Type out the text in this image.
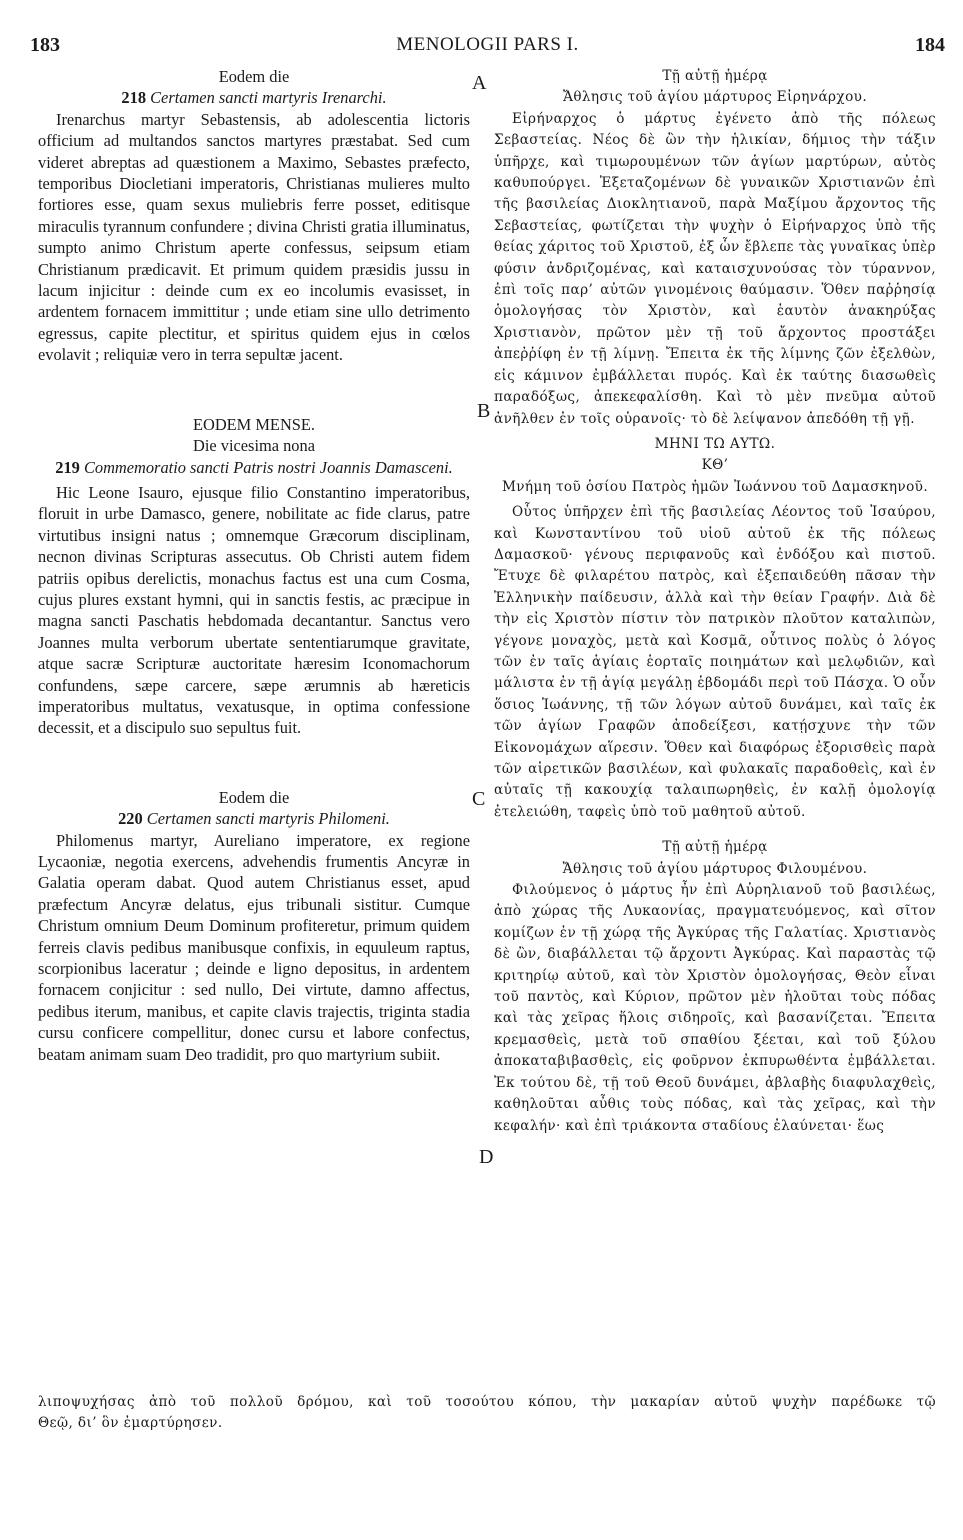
183	MENOLOGII PARS I.	184
A
B
C
D

Eodem die

218 Certamen sancti martyris Irenarchi.

Irenarchus martyr Sebastensis, ab adolescentia lictoris officium ad multandos sanctos martyres præstabat. Sed cum videret abreptas ad quæstionem a Maximo, Sebastes præfecto, temporibus Diocletiani imperatoris, Christianas mulieres multo fortiores esse, quam sexus muliebris ferre posset, editisque miraculis tyrannum confundere ; divina Christi gratia illuminatus, sumpto animo Christum aperte confessus, seipsum etiam Christianum prædicavit. Et primum quidem præsidis jussu in lacum injicitur : deinde cum ex eo incolumis evasisset, in ardentem fornacem immittitur ; unde etiam sine ullo detrimento egressus, capite plectitur, et spiritus quidem ejus in cœlos evolavit ; reliquiæ vero in terra sepultæ jacent.

EODEM MENSE.

Die vicesima nona

219 Commemoratio sancti Patris nostri Joannis Damasceni.

Hic Leone Isauro, ejusque filio Constantino imperatoribus, floruit in urbe Damasco, genere, nobilitate ac fide clarus, patre virtutibus insigni natus ; omnemque Græcorum disciplinam, necnon divinas Scripturas assecutus. Ob Christi autem fidem patriis opibus derelictis, monachus factus est una cum Cosma, cujus plures exstant hymni, qui in sanctis festis, ac præcipue in magna sancti Paschatis hebdomada decantantur. Sanctus vero Joannes multa verborum ubertate sententiarumque gravitate, atque sacræ Scripturæ auctoritate hæresim Iconomachorum confundens, sæpe carcere, sæpe ærumnis ab hæreticis imperatoribus multatus, vexatusque, in optima confessione decessit, et a discipulo suo sepultus fuit.

Eodem die

220 Certamen sancti martyris Philomeni.

Philomenus martyr, Aureliano imperatore, ex regione Lycaoniæ, negotia exercens, advehendis frumentis Ancyræ in Galatia operam dabat. Quod autem Christianus esset, apud præfectum Ancyræ delatus, ejus tribunali sistitur. Cumque Christum omnium Deum Dominum profiteretur, primum quidem ferreis clavis pedibus manibusque confixis, in equuleum raptus, scorpionibus laceratur ; deinde e ligno depositus, in ardentem fornacem conjicitur : sed nullo, Dei virtute, damno affectus, pedibus iterum, manibus, et capite clavis trajectis, triginta stadia cursu conficere compellitur, donec cursu et labore confectus, beatam animam suam Deo tradidit, pro quo martyrium subiit.

Τῇ αὐτῇ ἡμέρᾳ

Ἄθλησις τοῦ ἁγίου μάρτυρος Εἰρηνάρχου.

Εἰρήναρχος ὁ μάρτυς ἐγένετο ἀπὸ τῆς πόλεως Σεβαστείας. Νέος δὲ ὢν τὴν ἡλικίαν, δήμιος τὴν τάξιν ὑπῆρχε, καὶ τιμωρουμένων τῶν ἁγίων μαρτύρων, αὐτὸς καθυπούργει. Ἐξεταζομένων δὲ γυναικῶν Χριστιανῶν ἐπὶ τῆς βασιλείας Διοκλητιανοῦ, παρὰ Μαξίμου ἄρχοντος τῆς Σεβαστείας, φωτίζεται τὴν ψυχὴν ὁ Εἰρήναρχος ὑπὸ τῆς θείας χάριτος τοῦ Χριστοῦ, ἐξ ὧν ἔβλεπε τὰς γυναῖκας ὑπὲρ φύσιν ἀνδριζομένας, καὶ καταισχυνούσας τὸν τύραννον, ἐπὶ τοῖς παρ’ αὐτῶν γινομένοις θαύμασιν. Ὅθεν παῤῥησίᾳ ὁμολογήσας τὸν Χριστὸν, καὶ ἑαυτὸν ἀνακηρύξας Χριστιανὸν, πρῶτον μὲν τῇ τοῦ ἄρχοντος προστάξει ἀπεῤῥίφη ἐν τῇ λίμνῃ. Ἔπειτα ἐκ τῆς λίμνης ζῶν ἐξελθὼν, εἰς κάμινον ἐμβάλλεται πυρός. Καὶ ἐκ ταύτης διασωθεὶς παραδόξως, ἀπεκεφαλίσθη. Καὶ τὸ μὲν πνεῦμα αὐτοῦ ἀνῆλθεν ἐν τοῖς οὐρανοῖς· τὸ δὲ λείψανον ἀπεδόθη τῇ γῇ.

ΜΗΝΙ ΤΩ ΑΥΤΩ.

ΚΘ’

Μνήμη τοῦ ὁσίου Πατρὸς ἡμῶν Ἰωάννου τοῦ Δαμασκηνοῦ.

Οὗτος ὑπῆρχεν ἐπὶ τῆς βασιλείας Λέοντος τοῦ Ἰσαύρου, καὶ Κωνσταντίνου τοῦ υἱοῦ αὐτοῦ ἐκ τῆς πόλεως Δαμασκοῦ· γένους περιφανοῦς καὶ ἐνδόξου καὶ πιστοῦ. Ἔτυχε δὲ φιλαρέτου πατρὸς, καὶ ἐξεπαιδεύθη πᾶσαν τὴν Ἑλληνικὴν παίδευσιν, ἀλλὰ καὶ τὴν θείαν Γραφήν. Διὰ δὲ τὴν εἰς Χριστὸν πίστιν τὸν πατρικὸν πλοῦτον καταλιπὼν, γέγονε μοναχὸς, μετὰ καὶ Κοσμᾶ, οὗτινος πολὺς ὁ λόγος τῶν ἐν ταῖς ἁγίαις ἑορταῖς ποιημάτων καὶ μελῳδιῶν, καὶ μάλιστα ἐν τῇ ἁγίᾳ μεγάλῃ ἑβδομάδι περὶ τοῦ Πάσχα. Ὁ οὖν ὅσιος Ἰωάννης, τῇ τῶν λόγων αὐτοῦ δυνάμει, καὶ ταῖς ἐκ τῶν ἁγίων Γραφῶν ἀποδείξεσι, κατῄσχυνε τὴν τῶν Εἰκονομάχων αἵρεσιν. Ὅθεν καὶ διαφόρως ἐξορισθεὶς παρὰ τῶν αἱρετικῶν βασιλέων, καὶ φυλακαῖς παραδοθεὶς, καὶ ἐν αὐταῖς τῇ κακουχίᾳ ταλαιπωρηθεὶς, ἐν καλῇ ὁμολογίᾳ ἐτελειώθη, ταφεὶς ὑπὸ τοῦ μαθητοῦ αὐτοῦ.

Τῇ αὐτῇ ἡμέρᾳ

Ἄθλησις τοῦ ἁγίου μάρτυρος Φιλουμένου.

Φιλούμενος ὁ μάρτυς ἦν ἐπὶ Αὐρηλιανοῦ τοῦ βασιλέως, ἀπὸ χώρας τῆς Λυκαονίας, πραγματευόμενος, καὶ σῖτον κομίζων ἐν τῇ χώρᾳ τῆς Ἀγκύρας τῆς Γαλατίας. Χριστιανὸς δὲ ὢν, διαβάλλεται τῷ ἄρχοντι Ἀγκύρας. Καὶ παραστὰς τῷ κριτηρίῳ αὐτοῦ, καὶ τὸν Χριστὸν ὁμολογήσας, Θεὸν εἶναι τοῦ παντὸς, καὶ Κύριον, πρῶτον μὲν ἡλοῦται τοὺς πόδας καὶ τὰς χεῖρας ἥλοις σιδηροῖς, καὶ βασανίζεται. Ἔπειτα κρεμασθεὶς, μετὰ τοῦ σπαθίου ξέεται, καὶ τοῦ ξύλου ἀποκαταβιβασθεὶς, εἰς φοῦρνον ἐκπυρωθέντα ἐμβάλλεται. Ἐκ τούτου δὲ, τῇ τοῦ Θεοῦ δυνάμει, ἀβλαβὴς διαφυλαχθεὶς, καθηλοῦται αὖθις τοὺς πόδας, καὶ τὰς χεῖρας, καὶ τὴν κεφαλήν· καὶ ἐπὶ τριάκοντα σταδίους ἐλαύνεται· ἕως

λιποψυχήσας ἀπὸ τοῦ πολλοῦ δρόμου, καὶ τοῦ τοσούτου κόπου, τὴν μακαρίαν αὐτοῦ ψυχὴν παρέδωκε τῷ
Θεῷ, δι’ ὃν ἐμαρτύρησεν.
